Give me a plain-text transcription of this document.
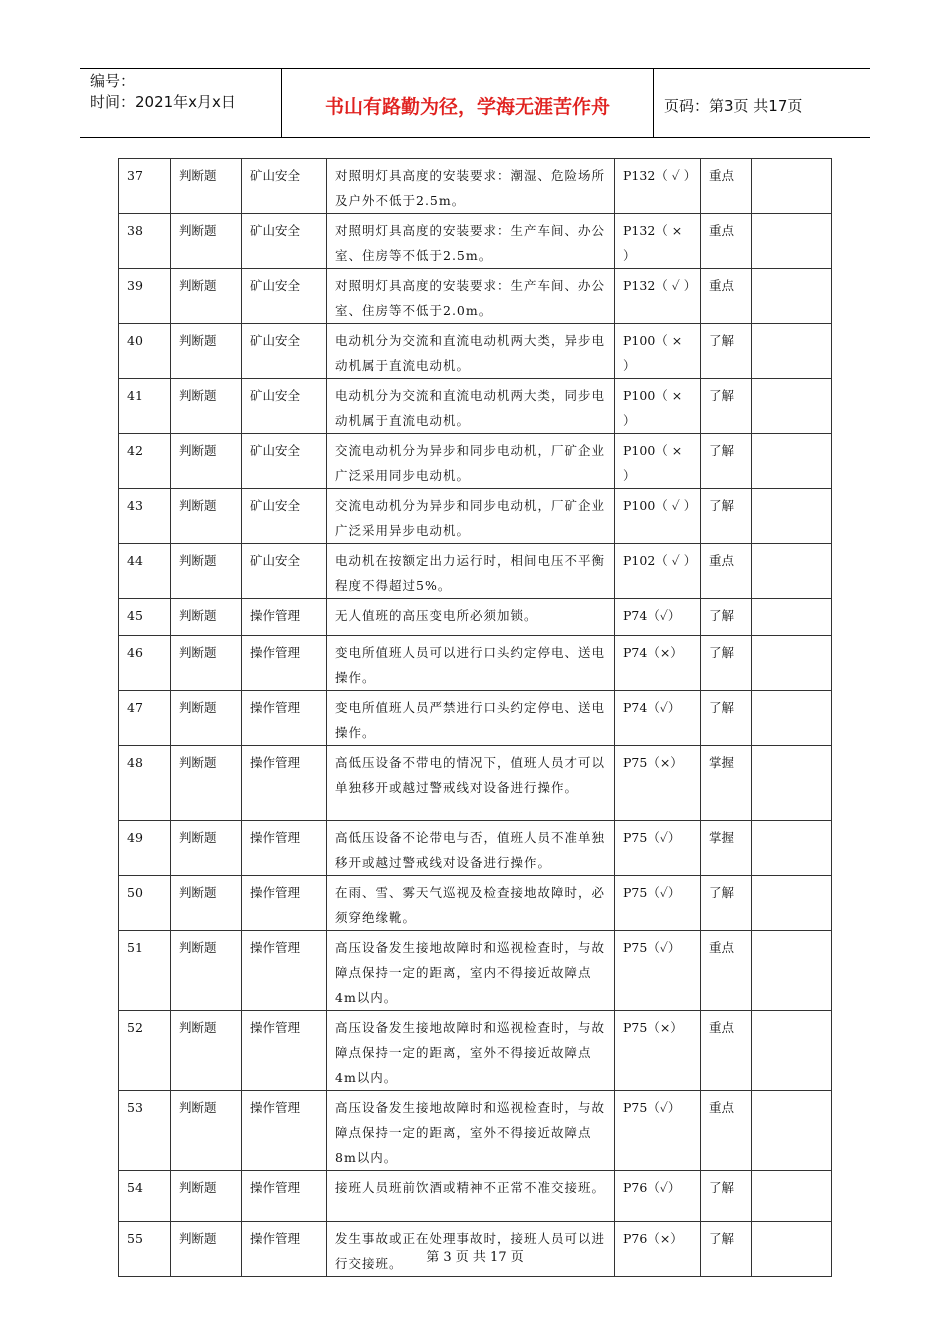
编号：
时间：2021年x月x日	书山有路勤为径，学海无涯苦作舟	页码：第3页 共17页
37	判断题	矿山安全	对照明灯具高度的安装要求：潮湿、危险场所及户外不低于2.5m。	P132（ ✓ ）	重点	
38	判断题	矿山安全	对照明灯具高度的安装要求：生产车间、办公室、住房等不低于2.5m。	P132（ × ）	重点	
39	判断题	矿山安全	对照明灯具高度的安装要求：生产车间、办公室、住房等不低于2.0m。	P132（ ✓ ）	重点	
40	判断题	矿山安全	电动机分为交流和直流电动机两大类，异步电动机属于直流电动机。	P100（ × ）	了解	
41	判断题	矿山安全	电动机分为交流和直流电动机两大类，同步电动机属于直流电动机。	P100（ × ）	了解	
42	判断题	矿山安全	交流电动机分为异步和同步电动机，厂矿企业广泛采用同步电动机。	P100（ × ）	了解	
43	判断题	矿山安全	交流电动机分为异步和同步电动机，厂矿企业广泛采用异步电动机。	P100（ ✓ ）	了解	
44	判断题	矿山安全	电动机在按额定出力运行时，相间电压不平衡程度不得超过5%。	P102（ ✓ ）	重点	
45	判断题	操作管理	无人值班的高压变电所必须加锁。	P74（✓）	了解	
46	判断题	操作管理	变电所值班人员可以进行口头约定停电、送电操作。	P74（×）	了解	
47	判断题	操作管理	变电所值班人员严禁进行口头约定停电、送电操作。	P74（✓）	了解	
48	判断题	操作管理	高低压设备不带电的情况下，值班人员才可以单独移开或越过警戒线对设备进行操作。	P75（×）	掌握	
49	判断题	操作管理	高低压设备不论带电与否，值班人员不准单独移开或越过警戒线对设备进行操作。	P75（✓）	掌握	
50	判断题	操作管理	在雨、雪、雾天气巡视及检查接地故障时，必须穿绝缘靴。	P75（✓）	了解	
51	判断题	操作管理	高压设备发生接地故障时和巡视检查时，与故障点保持一定的距离，室内不得接近故障点4m以内。	P75（✓）	重点	
52	判断题	操作管理	高压设备发生接地故障时和巡视检查时，与故障点保持一定的距离，室外不得接近故障点4m以内。	P75（×）	重点	
53	判断题	操作管理	高压设备发生接地故障时和巡视检查时，与故障点保持一定的距离，室外不得接近故障点8m以内。	P75（✓）	重点	
54	判断题	操作管理	接班人员班前饮酒或精神不正常不准交接班。	P76（✓）	了解	
55	判断题	操作管理	发生事故或正在处理事故时，接班人员可以进行交接班。	P76（×）	了解	
第 3 页 共 17 页
